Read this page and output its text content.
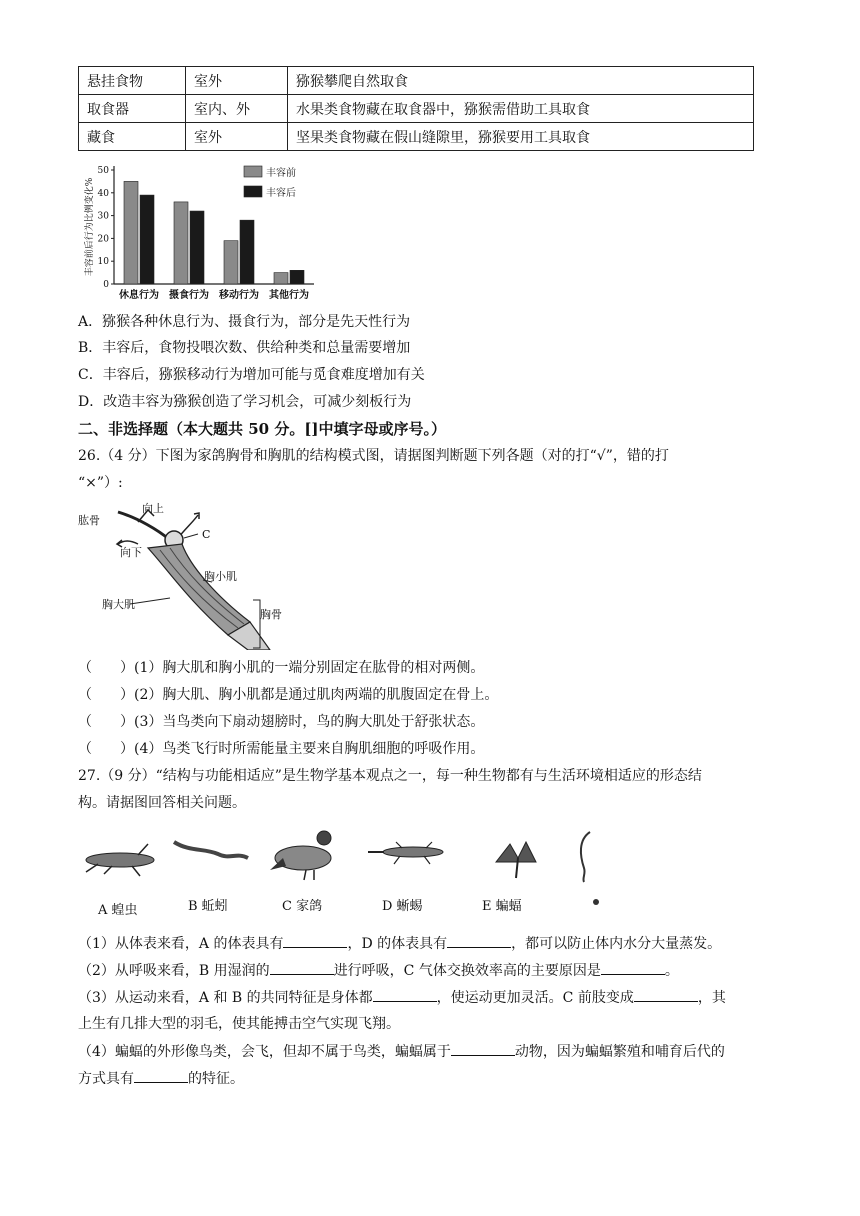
悬挂食物	室外	猕猴攀爬自然取食
取食器	室内、外	水果类食物藏在取食器中，猕猴需借助工具取食
藏食	室外	坚果类食物藏在假山缝隙里，猕猴要用工具取食
0
10
20
30
40
50
丰容前后行为比例变化%
休息行为 摄食行为 移动行为 其他行为
丰容前
丰容后
A．猕猴各种休息行为、摄食行为，部分是先天性行为
B．丰容后，食物投喂次数、供给种类和总量需要增加
C．丰容后，猕猴移动行为增加可能与觅食难度增加有关
D．改造丰容为猕猴创造了学习机会，可减少刻板行为
二、非选择题（本大题共 50 分。[]中填字母或序号。）
26.（4 分）下图为家鸽胸骨和胸肌的结构模式图，请据图判断题下列各题（对的打“√”，错的打
“×”）:
肱骨
向上
向下
C
胸小肌
胸大肌
胸骨
（　　）(1）胸大肌和胸小肌的一端分别固定在肱骨的相对两侧。
（　　）(2）胸大肌、胸小肌都是通过肌肉两端的肌腹固定在骨上。
（　　）(3）当鸟类向下扇动翅膀时，鸟的胸大肌处于舒张状态。
（　　）(4）鸟类飞行时所需能量主要来自胸肌细胞的呼吸作用。
27.（9 分）“结构与功能相适应”是生物学基本观点之一，每一种生物都有与生活环境相适应的形态结
构。请据图回答相关问题。
A 蝗虫	B 蚯蚓	C 家鸽	D 蜥蜴	E 蝙蝠
（1）从体表来看，A 的体表具有	，D 的体表具有	，都可以防止体内水分大量蒸发。
（2）从呼吸来看，B 用湿润的	进行呼吸，C 气体交换效率高的主要原因是	。
（3）从运动来看，A 和 B 的共同特征是身体都	，使运动更加灵活。C 前肢变成	，其
上生有几排大型的羽毛，使其能搏击空气实现飞翔。
（4）蝙蝠的外形像鸟类，会飞，但却不属于鸟类，蝙蝠属于	动物，因为蝙蝠繁殖和哺育后代的
方式具有	的特征。
